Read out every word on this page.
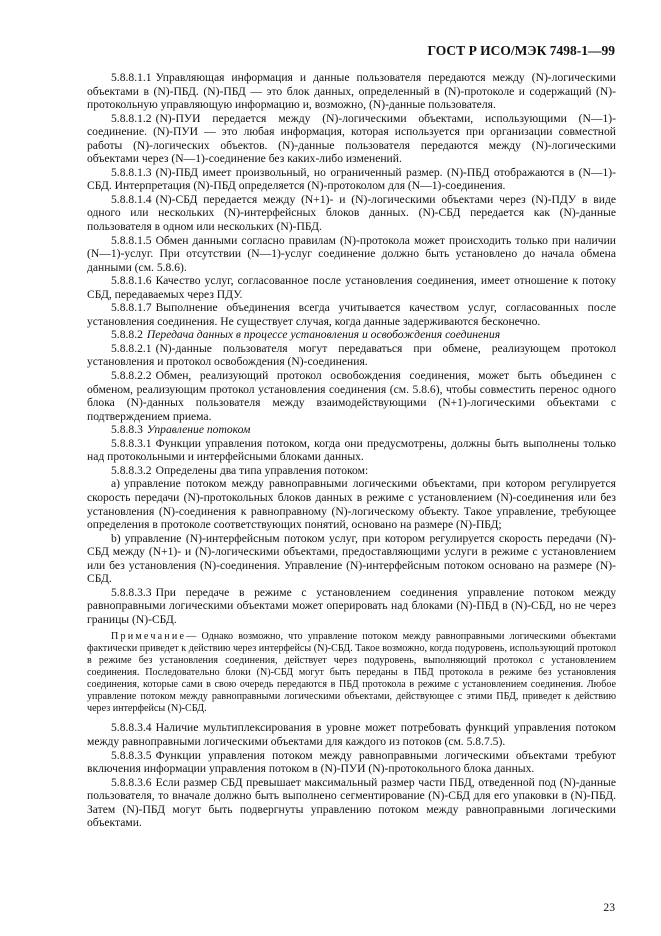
ГОСТ Р ИСО/МЭК 7498-1—99

5.8.8.1.1 Управляющая информация и данные пользователя передаются между (N)-логическими объектами в (N)-ПБД. (N)-ПБД — это блок данных, определенный в (N)-протоколе и содержащий (N)-протокольную управляющую информацию и, возможно, (N)-данные пользователя.

5.8.8.1.2 (N)-ПУИ передается между (N)-логическими объектами, использующими (N—1)-соединение. (N)-ПУИ — это любая информация, которая используется при организации совместной работы (N)-логических объектов. (N)-данные пользователя передаются между (N)-логическими объектами через (N—1)-соединение без каких-либо изменений.

5.8.8.1.3 (N)-ПБД имеет произвольный, но ограниченный размер. (N)-ПБД отображаются в (N—1)-СБД. Интерпретация (N)-ПБД определяется (N)-протоколом для (N—1)-соединения.

5.8.8.1.4 (N)-СБД передается между (N+1)- и (N)-логическими объектами через (N)-ПДУ в виде одного или нескольких (N)-интерфейсных блоков данных. (N)-СБД передается как (N)-данные пользователя в одном или нескольких (N)-ПБД.

5.8.8.1.5 Обмен данными согласно правилам (N)-протокола может происходить только при наличии (N—1)-услуг. При отсутствии (N—1)-услуг соединение должно быть установлено до начала обмена данными (см. 5.8.6).

5.8.8.1.6 Качество услуг, согласованное после установления соединения, имеет отношение к потоку СБД, передаваемых через ПДУ.

5.8.8.1.7 Выполнение объединения всегда учитывается качеством услуг, согласованных после установления соединения. Не существует случая, когда данные задерживаются бесконечно.

5.8.8.2 Передача данных в процессе установления и освобождения соединения

5.8.8.2.1 (N)-данные пользователя могут передаваться при обмене, реализующем протокол установления и протокол освобождения (N)-соединения.

5.8.8.2.2 Обмен, реализующий протокол освобождения соединения, может быть объединен с обменом, реализующим протокол установления соединения (см. 5.8.6), чтобы совместить перенос одного блока (N)-данных пользователя между взаимодействующими (N+1)-логическими объектами с подтверждением приема.

5.8.8.3 Управление потоком

5.8.8.3.1 Функции управления потоком, когда они предусмотрены, должны быть выполнены только над протокольными и интерфейсными блоками данных.

5.8.8.3.2 Определены два типа управления потоком:

a) управление потоком между равноправными логическими объектами, при котором регулируется скорость передачи (N)-протокольных блоков данных в режиме с установлением (N)-соединения или без установления (N)-соединения к равноправному (N)-логическому объекту. Такое управление, требующее определения в протоколе соответствующих понятий, основано на размере (N)-ПБД;

b) управление (N)-интерфейсным потоком услуг, при котором регулируется скорость передачи (N)-СБД между (N+1)- и (N)-логическими объектами, предоставляющими услуги в режиме с установлением или без установления (N)-соединения. Управление (N)-интерфейсным потоком основано на размере (N)-СБД.

5.8.8.3.3 При передаче в режиме с установлением соединения управление потоком между равноправными логическими объектами может оперировать над блоками (N)-ПБД в (N)-СБД, но не через границы (N)-СБД.

Примечание— Однако возможно, что управление потоком между равноправными логическими объектами фактически приведет к действию через интерфейсы (N)-СБД. Такое возможно, когда подуровень, использующий протокол в режиме без установления соединения, действует через подуровень, выполняющий протокол с установлением соединения. Последовательно блоки (N)-СБД могут быть переданы в ПБД протокола в режиме без установления соединения, которые сами в свою очередь передаются в ПБД протокола в режиме с установлением соединения. Любое управление потоком между равноправными логическими объектами, действующее с этими ПБД, приведет к действию через интерфейсы (N)-СБД.

5.8.8.3.4 Наличие мультиплексирования в уровне может потребовать функций управления потоком между равноправными логическими объектами для каждого из потоков (см. 5.8.7.5).

5.8.8.3.5 Функции управления потоком между равноправными логическими объектами требуют включения информации управления потоком в (N)-ПУИ (N)-протокольного блока данных.

5.8.8.3.6 Если размер СБД превышает максимальный размер части ПБД, отведенной под (N)-данные пользователя, то вначале должно быть выполнено сегментирование (N)-СБД для его упаковки в (N)-ПБД. Затем (N)-ПБД могут быть подвергнуты управлению потоком между равноправными логическими объектами.

23
